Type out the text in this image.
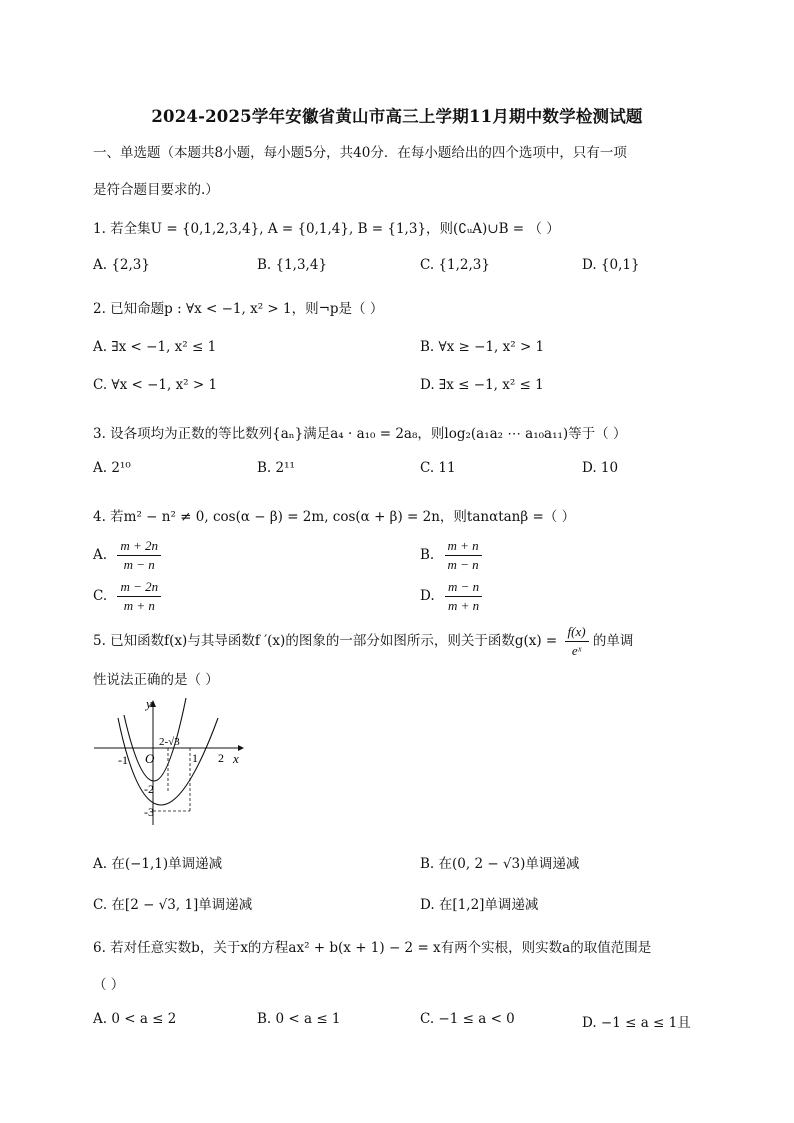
2024-2025学年安徽省黄山市高三上学期11月期中数学检测试题
一、单选题（本题共8小题，每小题5分，共40分．在每小题给出的四个选项中，只有一项
是符合题目要求的.）
1. 若全集U = {0,1,2,3,4}, A = {0,1,4}, B = {1,3}，则(∁ᵤA)∪B = （ ）
A. {2,3}	B. {1,3,4}	C. {1,2,3}	D. {0,1}
2. 已知命题p : ∀x < −1, x² > 1，则¬p是（ ）
A. ∃x < −1, x² ≤ 1	B. ∀x ≥ −1, x² > 1
C. ∀x < −1, x² > 1	D. ∃x ≤ −1, x² ≤ 1
3. 设各项均为正数的等比数列{aₙ}满足a₄ · a₁₀ = 2a₈，则log₂(a₁a₂ ⋯ a₁₀a₁₁)等于（ ）
A. 2¹⁰	B. 2¹¹	C. 11	D. 10
4. 若m² − n² ≠ 0, cos(α − β) = 2m, cos(α + β) = 2n，则tanαtanβ =（ ）
A. $\frac{m + 2n}{m - n}$	B. $\frac{m + n}{m - n}$
C. $\frac{m - 2n}{m + n}$	D. $\frac{m - n}{m + n}$
5. 已知函数f(x)与其导函数f ′(x)的图象的一部分如图所示，则关于函数$g(x) = \frac{f(x)}{\text{eˣ}}$ 的单调
性说法正确的是（ ）
y
x
O
-1	1 2
-2
-3
2-√3
A. 在(−1,1)单调递减	B. 在(0, 2 − √3)单调递减
C. 在[2 − √3, 1]单调递减	D. 在[1,2]单调递减
6. 若对任意实数b，关于x的方程ax² + b(x + 1) − 2 = x有两个实根，则实数a的取值范围是
（ ）
A. 0 < a ≤ 2	B. 0 < a ≤ 1	C. −1 ≤ a < 0	D. −1 ≤ a ≤ 1且
